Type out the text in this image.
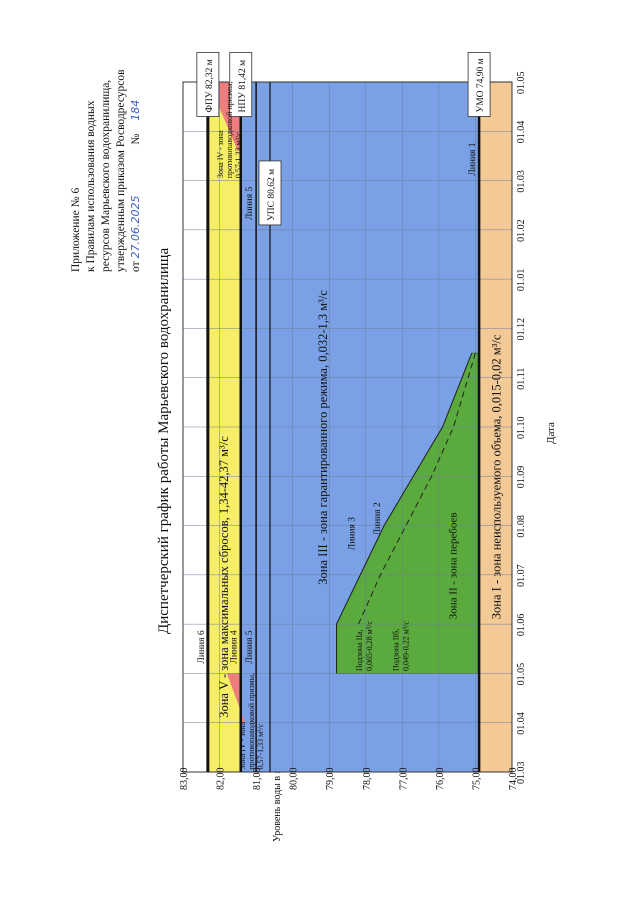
Приложение № 6 к Правилам использования водных ресурсов Марьевского водохранилища, утвержденным приказом Росводресурсов от 27.06.2025 № 184
Диспетчерский график работы Марьевского водохранилища	Дата
74,00
75,00
76,00
77,00
78,00
79,00
80,00
81,00
82,00
83,00	01.03
01.04
01.05
01.06
01.07
01.08
01.09
01.10
01.11
01.12
01.01
01.02
01.03
01.04
01.05
ФПУ 82,32 м НПУ 81,42 м
УПС 80,62 м
УМО 74,90 м
Зона V - зона максимальных сбросов, 1,34-42,37 м³/с	Зона III - зона гарантированного режима, 0,032-1,3 м³/с	Зона I - зона неиспользуемого объема, 0,015-0,02 м³/с
Зона II - зона перебоев
Подзона IIа, 0,065-0,28 м³/с Подзона IIб, 0,049-0,22 м³/с
Зона IV - зона противопаводковой призмы, 0,57-1,33 м³/с
Зона IV - зона противопаводковой призмы, 0,57-1,33 м³/с
Линия 6 Линия 4 Линия 5
Линия 5
Линия 1
Линия 2
Линия 3
